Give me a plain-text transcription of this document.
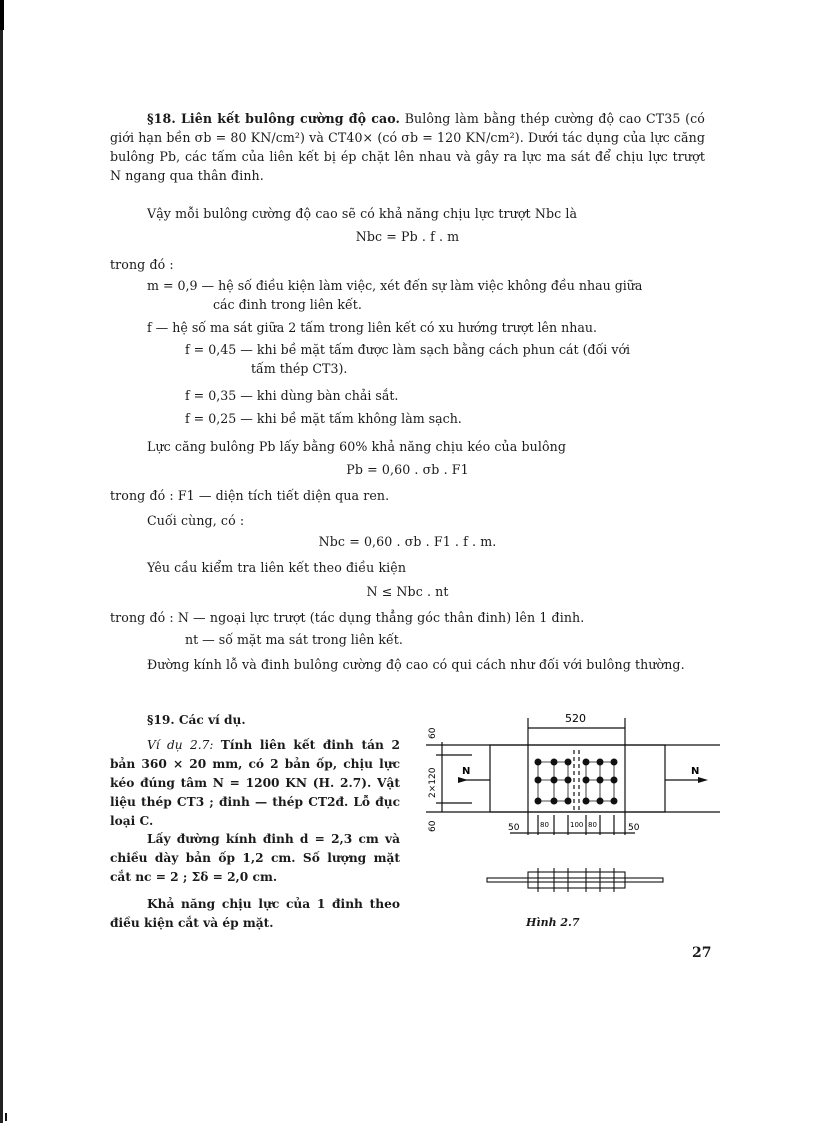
§18. Liên kết bulông cường độ cao. Bulông làm bằng thép cường độ cao CT35 (có giới hạn bền σb = 80 KN/cm²) và CT40× (có σb = 120 KN/cm²). Dưới tác dụng của lực căng bulông Pb, các tấm của liên kết bị ép chặt lên nhau và gây ra lực ma sát để chịu lực trượt N ngang qua thân đinh.
Vậy mỗi bulông cường độ cao sẽ có khả năng chịu lực trượt Nbc là
Nbc = Pb . f . m
trong đó :
m = 0,9 — hệ số điều kiện làm việc, xét đến sự làm việc không đều nhau giữa
các đinh trong liên kết.
f — hệ số ma sát giữa 2 tấm trong liên kết có xu hướng trượt lên nhau.
f = 0,45 — khi bề mặt tấm được làm sạch bằng cách phun cát (đối với
tấm thép CT3).
f = 0,35 — khi dùng bàn chải sắt.
f = 0,25 — khi bề mặt tấm không làm sạch.
Lực căng bulông Pb lấy bằng 60% khả năng chịu kéo của bulông
Pb = 0,60 . σb . F1
trong đó : F1 — diện tích tiết diện qua ren.
Cuối cùng, có :
Nbc = 0,60 . σb . F1 . f . m.
Yêu cầu kiểm tra liên kết theo điều kiện
N ≤ Nbc . nt
trong đó : N — ngoại lực trượt (tác dụng thẳng góc thân đinh) lên 1 đinh.
nt — số mặt ma sát trong liên kết.
Đường kính lỗ và đinh bulông cường độ cao có qui cách như đối với bulông thường.
§19. Các ví dụ.
Ví dụ 2.7: Tính liên kết đinh tán 2 bản 360 × 20 mm, có 2 bản ốp, chịu lực kéo đúng tâm N = 1200 KN (H. 2.7). Vật liệu thép CT3 ; đinh — thép CT2đ. Lỗ đục loại C.
Lấy đường kính đinh d = 2,3 cm và chiều dày bản ốp 1,2 cm. Số lượng mặt cắt nc = 2 ; Σδ = 2,0 cm.
Khả năng chịu lực của 1 đinh theo điều kiện cắt và ép mặt.
520
60
2×120
60
N	N
50	80	100 80	50
Hình 2.7
27
